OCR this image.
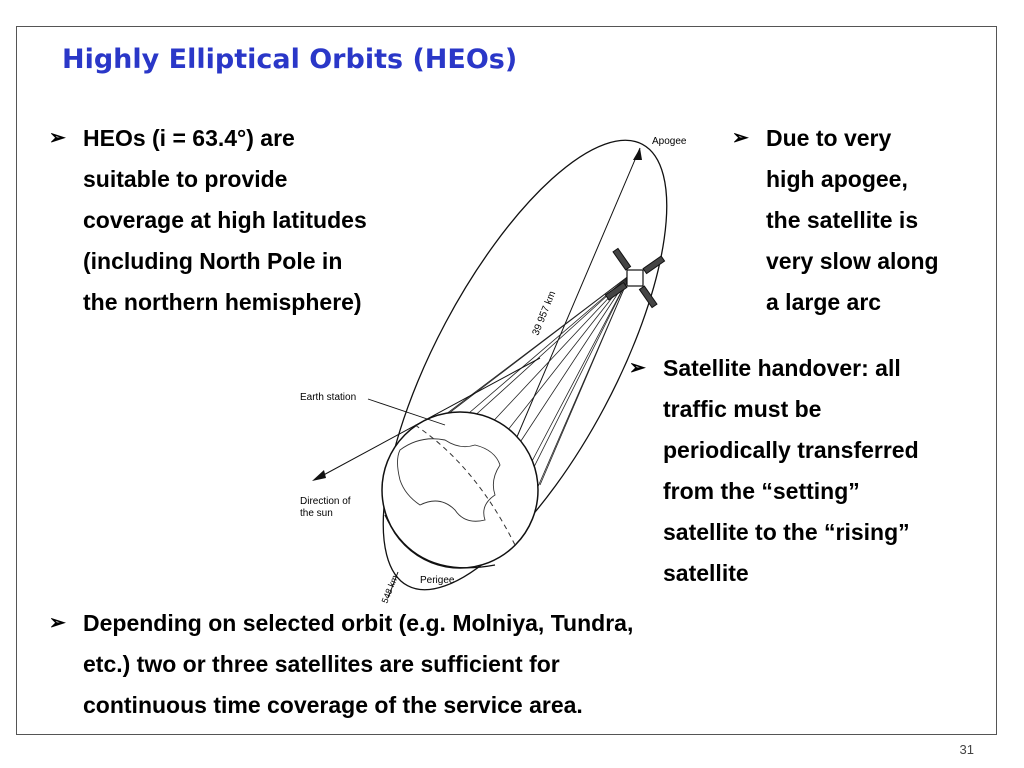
Highly Elliptical Orbits (HEOs)
➢ HEOs (i = 63.4°) are
suitable to provide
coverage at high latitudes
(including North Pole in
the northern hemisphere)
➢ Due to very
high apogee,
the satellite is
very slow along
a large arc
➢ Satellite handover: all
traffic must be
periodically transferred
from the “setting”
satellite to the “rising”
satellite
➢ Depending on selected orbit (e.g. Molniya, Tundra,
etc.) two or three satellites are sufficient for
continuous time coverage of the service area.
Apogee
39 957 km
Earth station
Direction of
the sun
Perigee
548 km
31
